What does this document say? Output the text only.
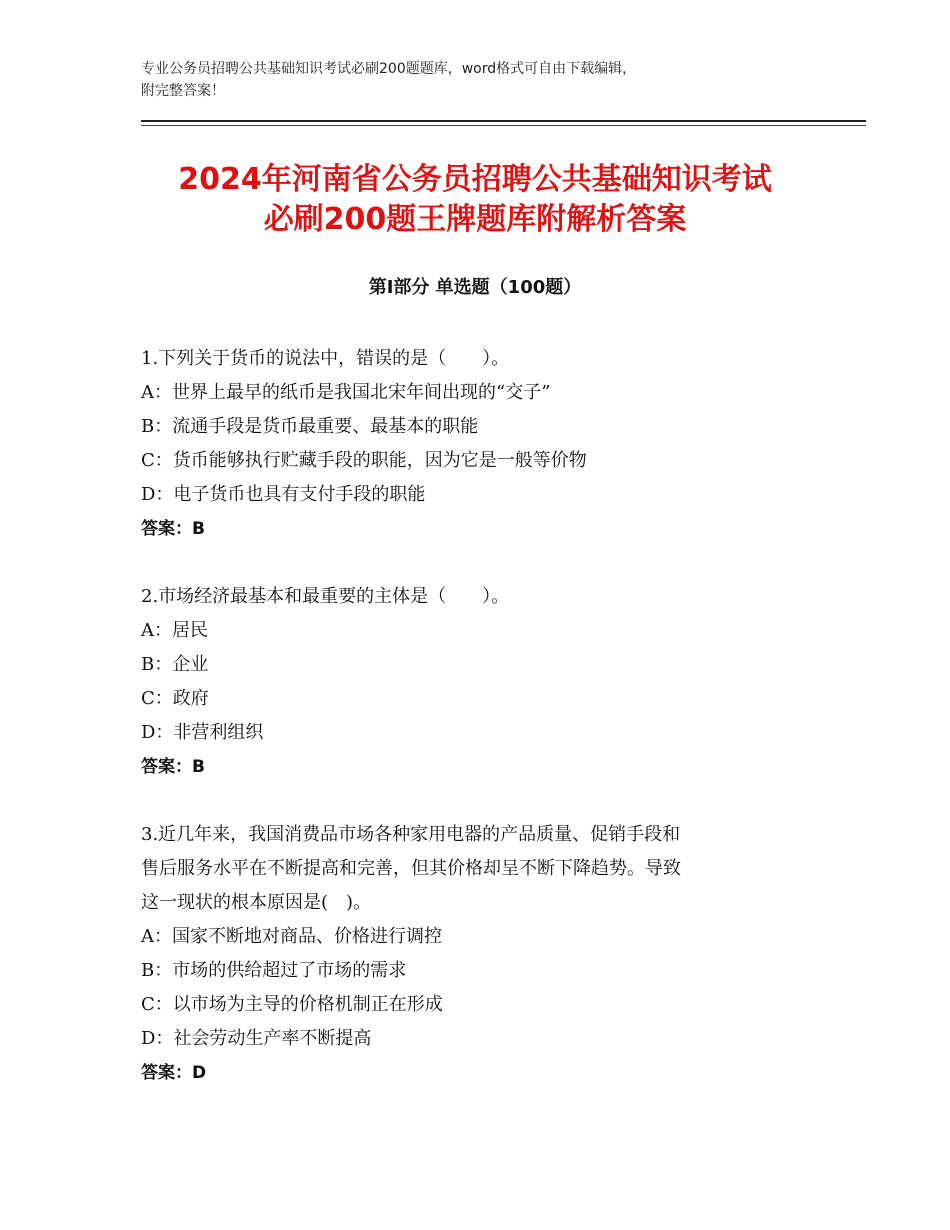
专业公务员招聘公共基础知识考试必刷200题题库，word格式可自由下载编辑，
附完整答案！
2024年河南省公务员招聘公共基础知识考试
必刷200题王牌题库附解析答案
第Ⅰ部分 单选题（100题）
1.下列关于货币的说法中，错误的是（　　）。
A：世界上最早的纸币是我国北宋年间出现的“交子”
B：流通手段是货币最重要、最基本的职能
C：货币能够执行贮藏手段的职能，因为它是一般等价物
D：电子货币也具有支付手段的职能
答案：B
2.市场经济最基本和最重要的主体是（　　）。
A：居民
B：企业
C：政府
D：非营利组织
答案：B
3.近几年来，我国消费品市场各种家用电器的产品质量、促销手段和
售后服务水平在不断提高和完善，但其价格却呈不断下降趋势。导致
这一现状的根本原因是(　)。
A：国家不断地对商品、价格进行调控
B：市场的供给超过了市场的需求
C：以市场为主导的价格机制正在形成
D：社会劳动生产率不断提高
答案：D
